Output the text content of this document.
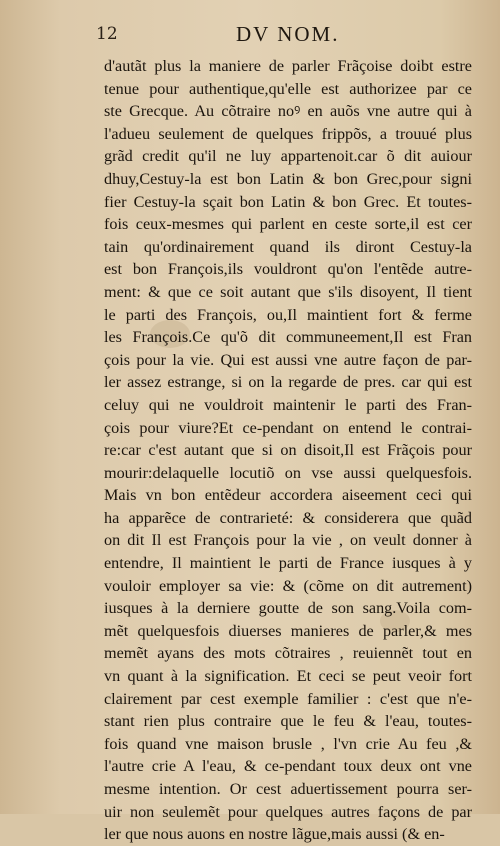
12	DV NOM.
d'autãt plus la maniere de parler Frãçoise doibt estre
tenue pour authentique,qu'elle est authorizee par ce
ste Grecque. Au cõtraire noꝰ en auõs vne autre qui à
l'adueu seulement de quelques frippõs, a trouué plus
grãd credit qu'il ne luy appartenoit.car õ dit auiour
dhuy,Cestuy-la est bon Latin & bon Grec,pour signi
fier Cestuy-la sçait bon Latin & bon Grec. Et toutes-
fois ceux-mesmes qui parlent en ceste sorte,il est cer
tain qu'ordinairement quand ils diront Cestuy-la
est bon François,ils vouldront qu'on l'entẽde autre-
ment: & que ce soit autant que s'ils disoyent, Il tient
le parti des François, ou,Il maintient fort & ferme
les François.Ce qu'õ dit communeement,Il est Fran
çois pour la vie. Qui est aussi vne autre façon de par-
ler assez estrange, si on la regarde de pres. car qui est
celuy qui ne vouldroit maintenir le parti des Fran-
çois pour viure?Et ce-pendant on entend le contrai-
re:car c'est autant que si on disoit,Il est Frãçois pour
mourir:delaquelle locutiõ on vse aussi quelquesfois.
Mais vn bon entẽdeur accordera aiseement ceci qui
ha apparẽce de contrarieté: & considerera que quãd
on dit Il est François pour la vie , on veult donner à
entendre, Il maintient le parti de France iusques à y
vouloir employer sa vie: & (cõme on dit autrement)
iusques à la derniere goutte de son sang.Voila com-
mẽt quelquesfois diuerses manieres de parler,& mes
memẽt ayans des mots cõtraires , reuiennẽt tout en
vn quant à la signification. Et ceci se peut veoir fort
clairement par cest exemple familier : c'est que n'e-
stant rien plus contraire que le feu & l'eau, toutes-
fois quand vne maison brusle , l'vn crie Au feu ,&
l'autre crie A l'eau, & ce-pendant toux deux ont vne
mesme intention. Or cest aduertissement pourra ser-
uir non seulemẽt pour quelques autres façons de par
ler que nous auons en nostre lãgue,mais aussi (& en-
